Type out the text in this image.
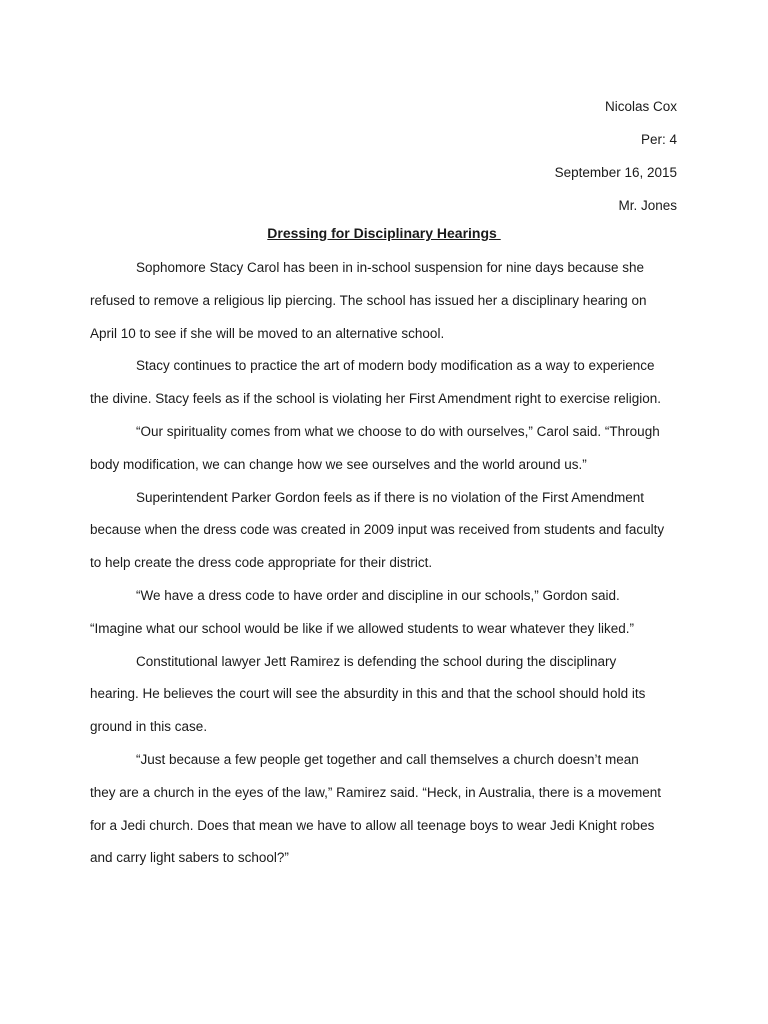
Nicolas Cox
Per: 4
September 16, 2015
Mr. Jones
Dressing for Disciplinary Hearings

Sophomore Stacy Carol has been in in-school suspension for nine days because she
refused to remove a religious lip piercing. The school has issued her a disciplinary hearing on
April 10 to see if she will be moved to an alternative school.

Stacy continues to practice the art of modern body modification as a way to experience
the divine. Stacy feels as if the school is violating her First Amendment right to exercise religion.

“Our spirituality comes from what we choose to do with ourselves,” Carol said. “Through
body modification, we can change how we see ourselves and the world around us.”

Superintendent Parker Gordon feels as if there is no violation of the First Amendment
because when the dress code was created in 2009 input was received from students and faculty
to help create the dress code appropriate for their district.

“We have a dress code to have order and discipline in our schools,” Gordon said.
“Imagine what our school would be like if we allowed students to wear whatever they liked.”

Constitutional lawyer Jett Ramirez is defending the school during the disciplinary
hearing. He believes the court will see the absurdity in this and that the school should hold its
ground in this case.

“Just because a few people get together and call themselves a church doesn’t mean
they are a church in the eyes of the law,” Ramirez said. “Heck, in Australia, there is a movement
for a Jedi church. Does that mean we have to allow all teenage boys to wear Jedi Knight robes
and carry light sabers to school?”
